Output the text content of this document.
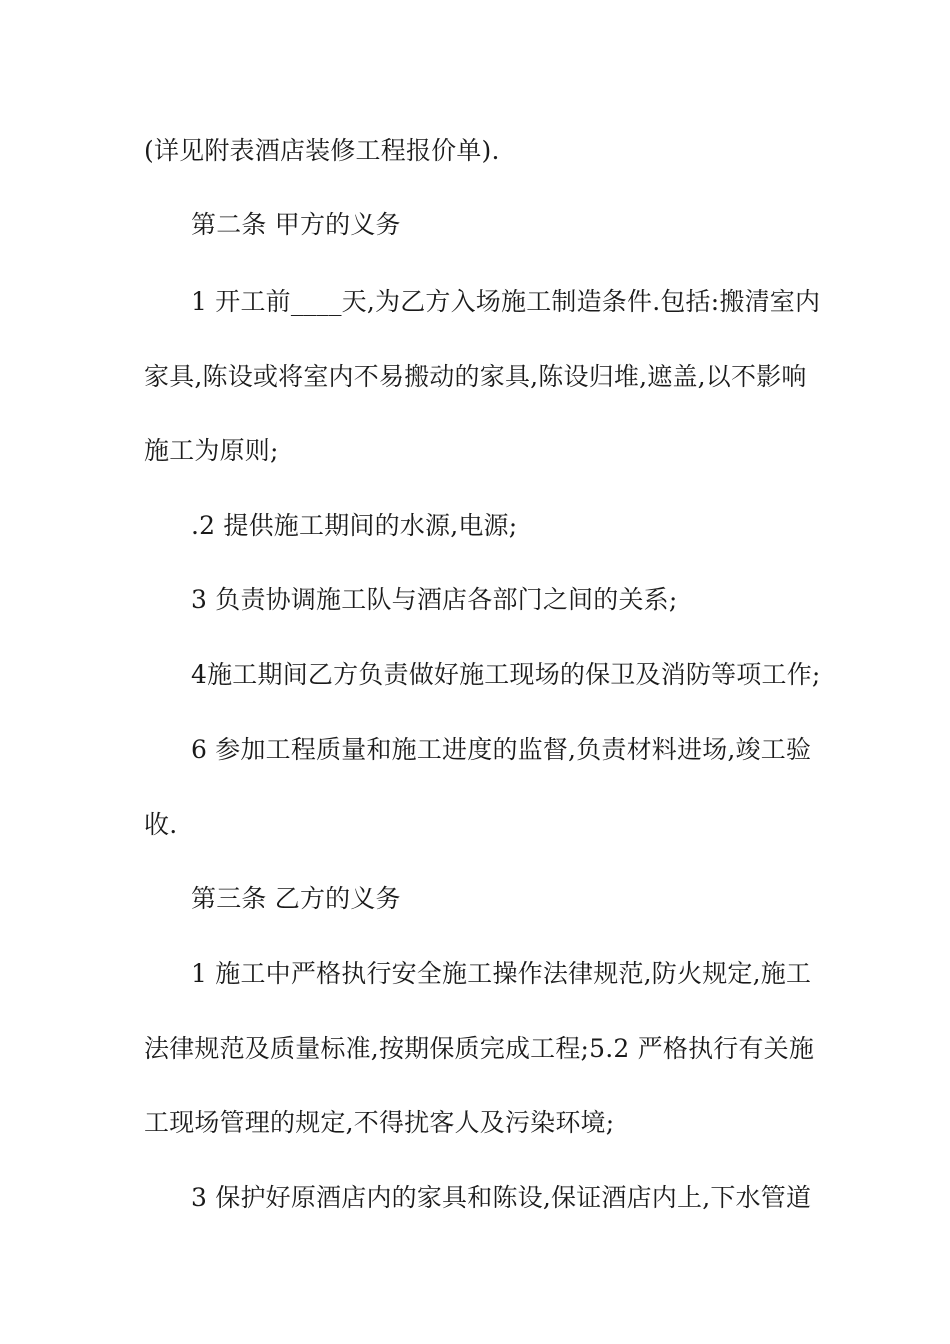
(详见附表酒店装修工程报价单).
第二条 甲方的义务
1 开工前____天,为乙方入场施工制造条件.包括:搬清室内
家具,陈设或将室内不易搬动的家具,陈设归堆,遮盖,以不影响
施工为原则;
.2 提供施工期间的水源,电源;
3 负责协调施工队与酒店各部门之间的关系;
4施工期间乙方负责做好施工现场的保卫及消防等项工作;
6 参加工程质量和施工进度的监督,负责材料进场,竣工验
收.
第三条 乙方的义务
1 施工中严格执行安全施工操作法律规范,防火规定,施工
法律规范及质量标准,按期保质完成工程;5.2 严格执行有关施
工现场管理的规定,不得扰客人及污染环境;
3 保护好原酒店内的家具和陈设,保证酒店内上,下水管道
